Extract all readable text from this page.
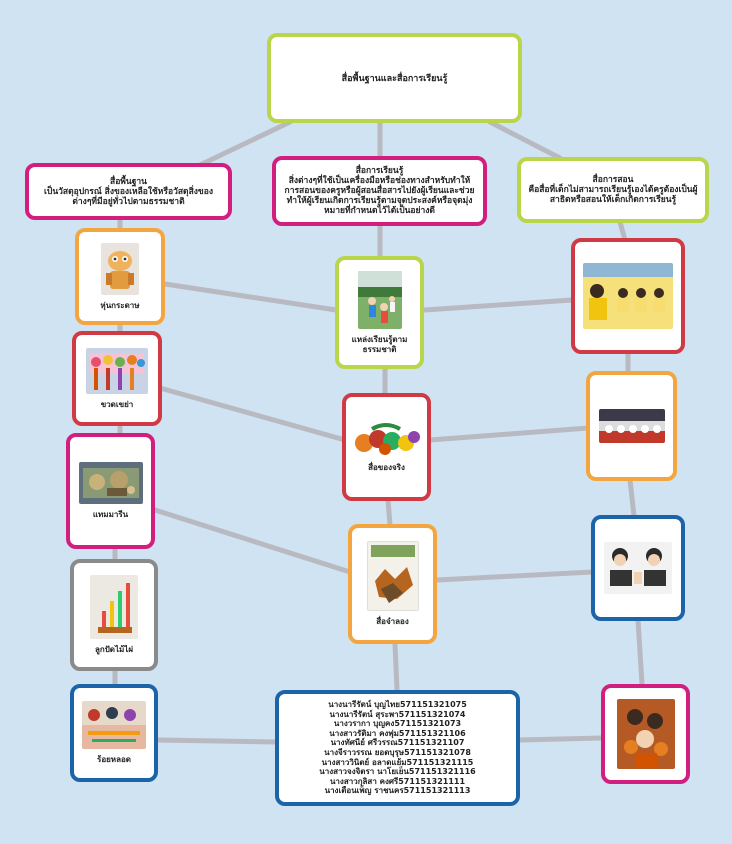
สื่อพื้นฐานและสื่อการเรียนรู้
สื่อพื้นฐาน
เป็นวัสดุอุปกรณ์ สิ่งของเหลือใช้หรือวัสดุสิ่งของต่างๆที่มีอยู่ทั่วไปตามธรรมชาติ
สื่อการเรียนรู้
สิ่งต่างๆที่ใช้เป็นเครื่องมือหรือช่องทางสำหรับทำให้การสอนของครูหรือผู้สอนสื่อสารไปยังผู้เรียนและช่วยทำให้ผู้เรียนเกิดการเรียนรู้ตามจุดประสงค์หรือจุดมุ่งหมายที่กำหนดไว้ได้เป็นอย่างดี
สื่อการสอน
คือสื่อที่เด็กไม่สามารถเรียนรู้เองได้ครูต้องเป็นผู้สาธิตหรือสอนให้เด็กเกิดการเรียนรู้
หุ่นกระดาษ
ขวดเขย่า
แทมมารีน
ลูกปัดไม้ไผ่
ร้อยหลอด
แหล่งเรียนรู้ตามธรรมชาติ
สื่อของจริง
สื่อจำลอง
นางนารีรัตน์ บุญไทย571151321075
นางนารีรัตน์ สุระพา571151321074
นางวรากา บุญคง571151321073
นางสาวรัติมา คงพุ่ม571151321106
นางทัศนีย์ ศรีวรรณ571151321107
นางจีราวรรณ ยอดบุรุษ571151321078
นางสาววินิตย์ อลาดแย้ม571151321115
นางสาวจงจิตรา นาโยเย็น571151321116
นางสาวกุลิสา คงศรี571151321111
นางเตือนเพ็ญ ราชนคร571151321113
